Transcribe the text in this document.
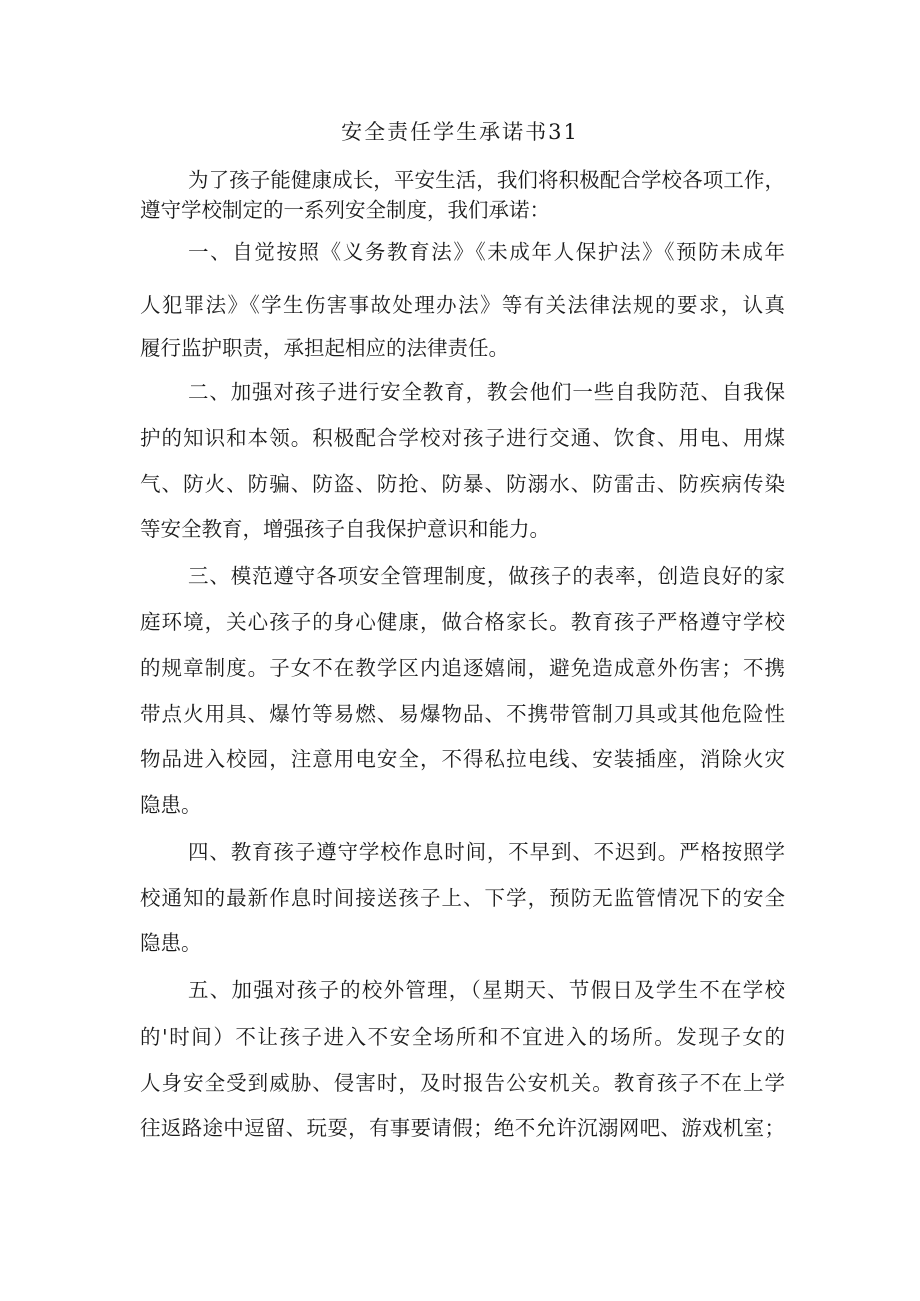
安全责任学生承诺书31
为了孩子能健康成长，平安生活，我们将积极配合学校各项工作，
遵守学校制定的一系列安全制度，我们承诺：
一、自觉按照《义务教育法》《未成年人保护法》《预防未成年
人犯罪法》《学生伤害事故处理办法》等有关法律法规的要求，认真
履行监护职责，承担起相应的法律责任。
二、加强对孩子进行安全教育，教会他们一些自我防范、自我保
护的知识和本领。积极配合学校对孩子进行交通、饮食、用电、用煤
气、防火、防骗、防盗、防抢、防暴、防溺水、防雷击、防疾病传染
等安全教育，增强孩子自我保护意识和能力。
三、模范遵守各项安全管理制度，做孩子的表率，创造良好的家
庭环境，关心孩子的身心健康，做合格家长。教育孩子严格遵守学校
的规章制度。子女不在教学区内追逐嬉闹，避免造成意外伤害；不携
带点火用具、爆竹等易燃、易爆物品、不携带管制刀具或其他危险性
物品进入校园，注意用电安全，不得私拉电线、安装插座，消除火灾
隐患。
四、教育孩子遵守学校作息时间，不早到、不迟到。严格按照学
校通知的最新作息时间接送孩子上、下学，预防无监管情况下的安全
隐患。
五、加强对孩子的校外管理，（星期天、节假日及学生不在学校
的'时间）不让孩子进入不安全场所和不宜进入的场所。发现子女的
人身安全受到威胁、侵害时，及时报告公安机关。教育孩子不在上学
往返路途中逗留、玩耍，有事要请假；绝不允许沉溺网吧、游戏机室；
